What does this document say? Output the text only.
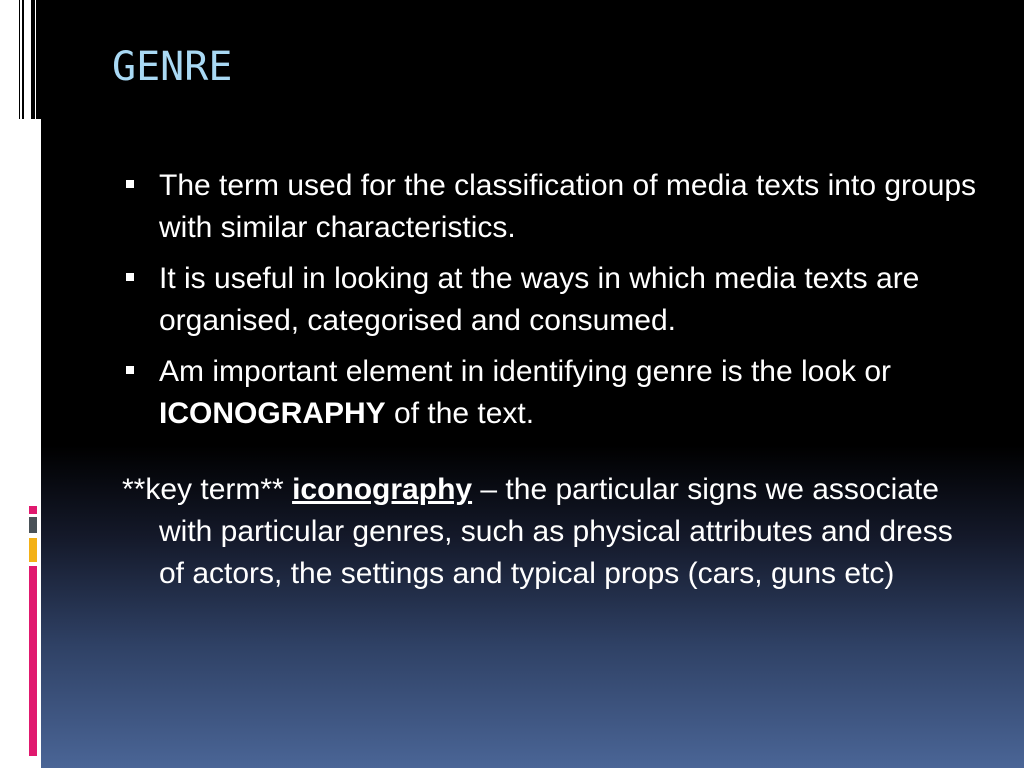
GENRE
The term used for the classification of media texts into groups with similar characteristics.
It is useful in looking at the ways in which media texts are organised, categorised and consumed.
Am important element in identifying genre is the look or ICONOGRAPHY of the text.
**key term** iconography – the particular signs we associate with particular genres, such as physical attributes and dress of actors, the settings and typical props (cars, guns etc)
